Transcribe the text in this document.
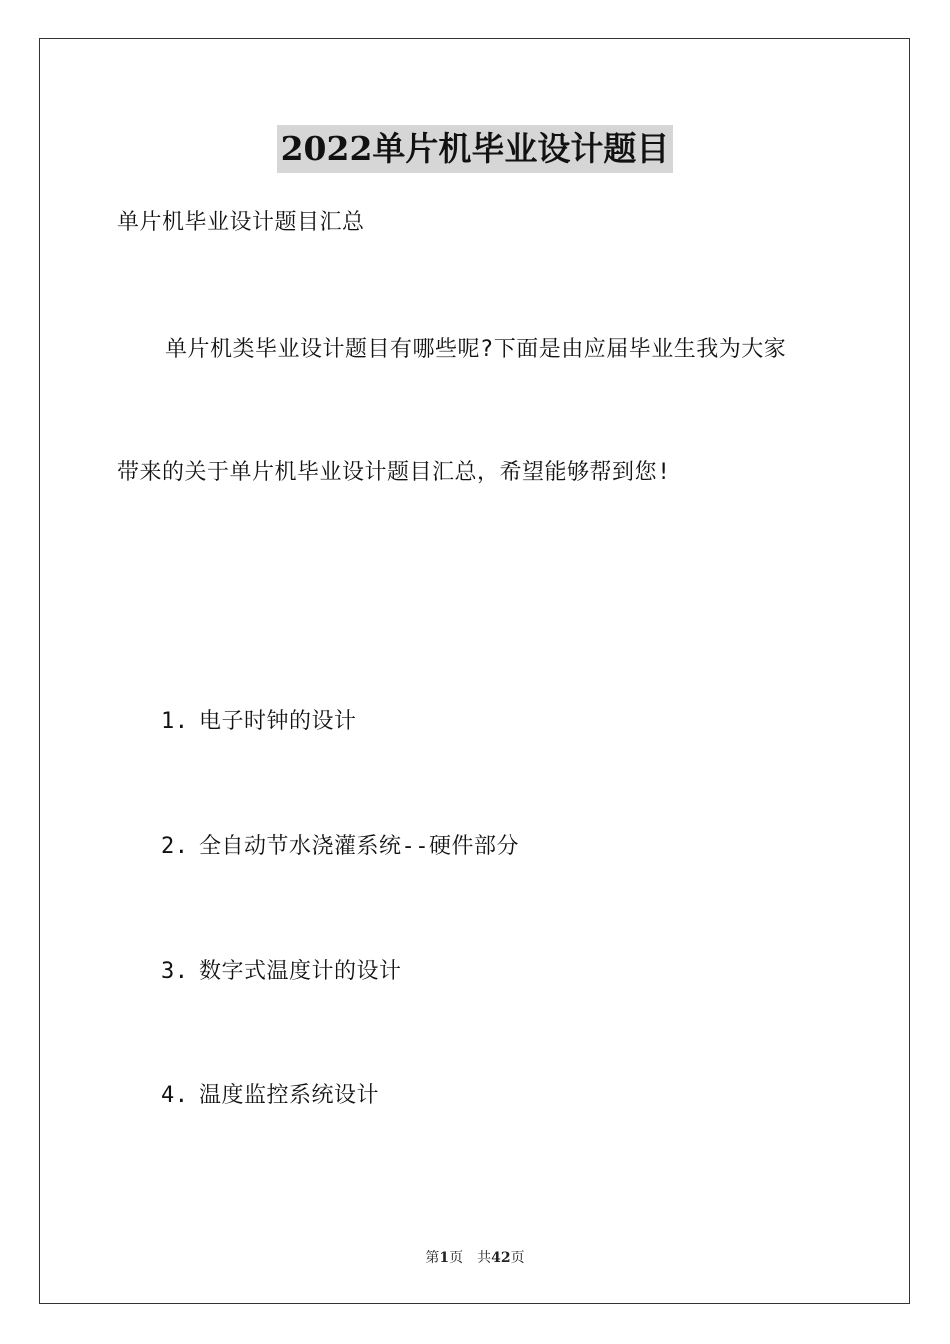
2022单片机毕业设计题目
单片机毕业设计题目汇总
单片机类毕业设计题目有哪些呢?下面是由应届毕业生我为大家
带来的关于单片机毕业设计题目汇总，希望能够帮到您!
1. 电子时钟的设计
2. 全自动节水浇灌系统--硬件部分
3. 数字式温度计的设计
4. 温度监控系统设计
第1页 共42页
